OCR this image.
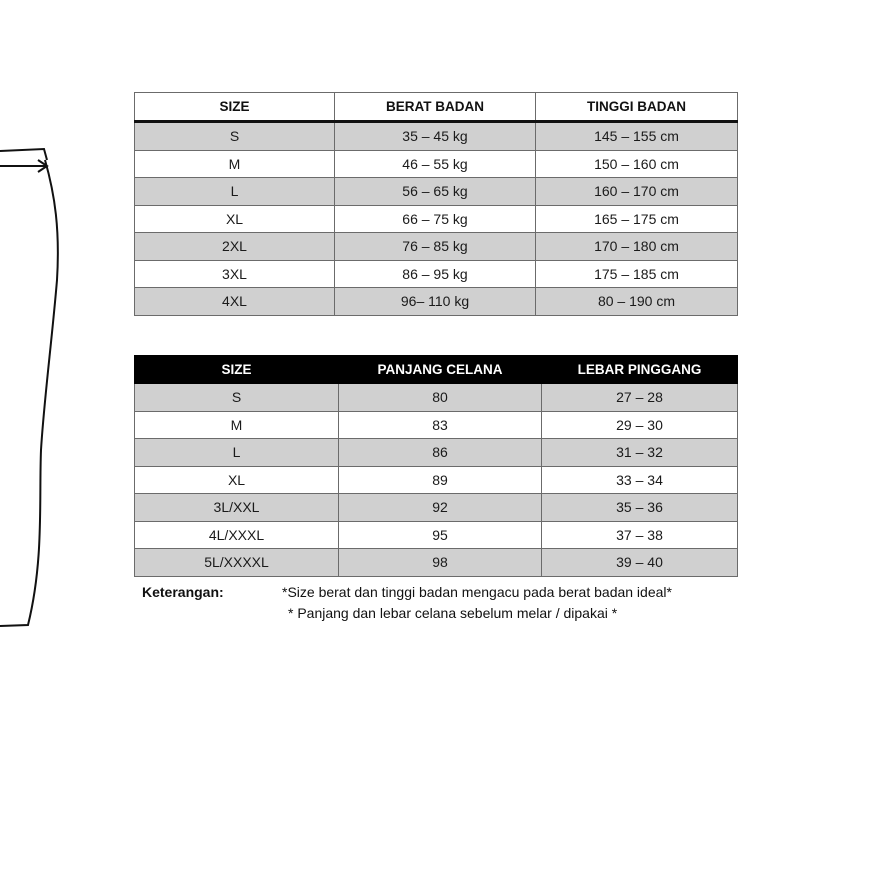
SIZE	BERAT BADAN	TINGGI BADAN
S	35 – 45 kg	145 – 155 cm
M	46 – 55 kg	150 – 160 cm
L	56 – 65 kg	160 – 170 cm
XL	66 – 75 kg	165 – 175 cm
2XL	76 – 85 kg	170 – 180 cm
3XL	86 – 95 kg	175 – 185 cm
4XL	96– 110 kg	80 – 190 cm
SIZE	PANJANG CELANA	LEBAR PINGGANG
S	80	27 – 28
M	83	29 – 30
L	86	31 – 32
XL	89	33 – 34
3L/XXL	92	35 – 36
4L/XXXL	95	37 – 38
5L/XXXXL	98	39 – 40
Keterangan:	*Size berat dan tinggi badan mengacu pada berat badan ideal*
* Panjang dan lebar celana sebelum melar / dipakai *
